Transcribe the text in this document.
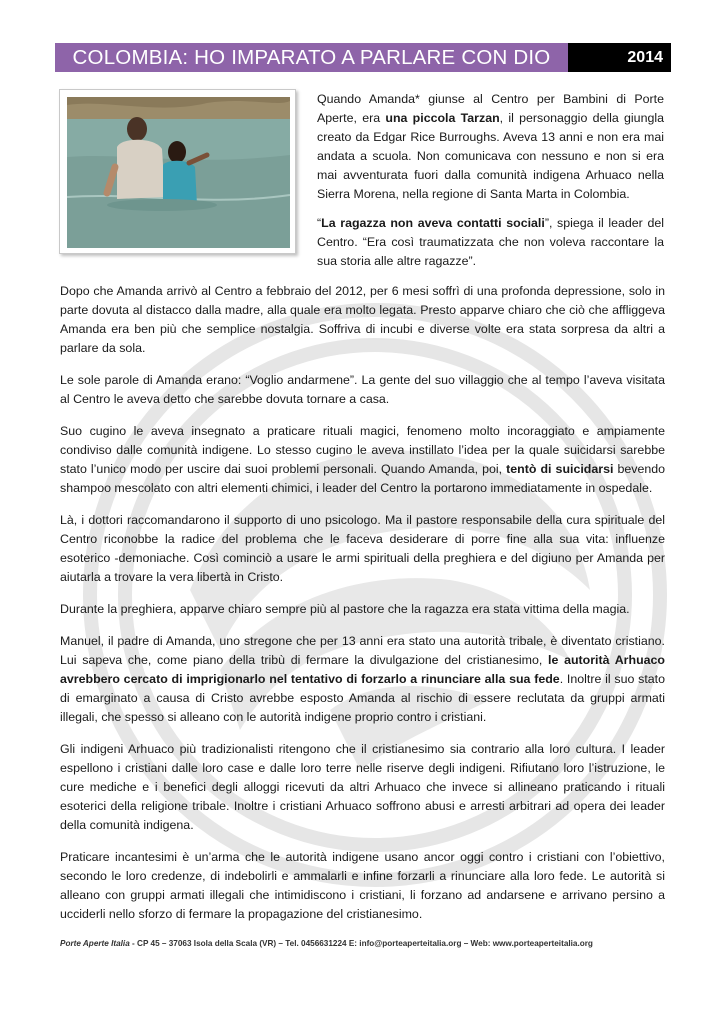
COLOMBIA: HO IMPARATO A PARLARE CON DIO	2014

Quando Amanda* giunse al Centro per Bambini di Porte Aperte, era una piccola Tarzan, il personaggio della giungla creato da Edgar Rice Burroughs. Aveva 13 anni e non era mai andata a scuola. Non comunicava con nessuno e non si era mai avventurata fuori dalla comunità indigena Arhuaco nella Sierra Morena, nella regione di Santa Marta in Colombia.

“La ragazza non aveva contatti sociali”, spiega il leader del Centro. “Era così traumatizzata che non voleva raccontare la sua storia alle altre ragazze”.

Dopo che Amanda arrivò al Centro a febbraio del 2012, per 6 mesi soffrì di una profonda depressione, solo in parte dovuta al distacco dalla madre, alla quale era molto legata. Presto apparve chiaro che ciò che affliggeva Amanda era ben più che semplice nostalgia. Soffriva di incubi e diverse volte era stata sorpresa da altri a parlare da sola.

Le sole parole di Amanda erano: “Voglio andarmene”. La gente del suo villaggio che al tempo l’aveva visitata al Centro le aveva detto che sarebbe dovuta tornare a casa.

Suo cugino le aveva insegnato a praticare rituali magici, fenomeno molto incoraggiato e ampiamente condiviso dalle comunità indigene. Lo stesso cugino le aveva instillato l’idea per la quale suicidarsi sarebbe stato l’unico modo per uscire dai suoi problemi personali. Quando Amanda, poi, tentò di suicidarsi bevendo shampoo mescolato con altri elementi chimici, i leader del Centro la portarono immediatamente in ospedale.

Là, i dottori raccomandarono il supporto di uno psicologo. Ma il pastore responsabile della cura spirituale del Centro riconobbe la radice del problema che le faceva desiderare di porre fine alla sua vita: influenze esoterico -demoniache. Così cominciò a usare le armi spirituali della preghiera e del digiuno per Amanda per aiutarla a trovare la vera libertà in Cristo.

Durante la preghiera, apparve chiaro sempre più al pastore che la ragazza era stata vittima della magia.

Manuel, il padre di Amanda, uno stregone che per 13 anni era stato una autorità tribale, è diventato cristiano. Lui sapeva che, come piano della tribù di fermare la divulgazione del cristianesimo, le autorità Arhuaco avrebbero cercato di imprigionarlo nel tentativo di forzarlo a rinunciare alla sua fede. Inoltre il suo stato di emarginato a causa di Cristo avrebbe esposto Amanda al rischio di essere reclutata da gruppi armati illegali, che spesso si alleano con le autorità indigene proprio contro i cristiani.

Gli indigeni Arhuaco più tradizionalisti ritengono che il cristianesimo sia contrario alla loro cultura. I leader espellono i cristiani dalle loro case e dalle loro terre nelle riserve degli indigeni. Rifiutano loro l’istruzione, le cure mediche e i benefici degli alloggi ricevuti da altri Arhuaco che invece si allineano praticando i rituali esoterici della religione tribale. Inoltre i cristiani Arhuaco soffrono abusi e arresti arbitrari ad opera dei leader della comunità indigena.

Praticare incantesimi è un’arma che le autorità indigene usano ancor oggi contro i cristiani con l’obiettivo, secondo le loro credenze, di indebolirli e ammalarli e infine forzarli a rinunciare alla loro fede. Le autorità si alleano con gruppi armati illegali che intimidiscono i cristiani, li forzano ad andarsene e arrivano persino a ucciderli nello sforzo di fermare la propagazione del cristianesimo.

Porte Aperte Italia - CP 45 – 37063 Isola della Scala (VR) – Tel. 0456631224 E: info@porteaperteitalia.org – Web: www.porteaperteitalia.org
